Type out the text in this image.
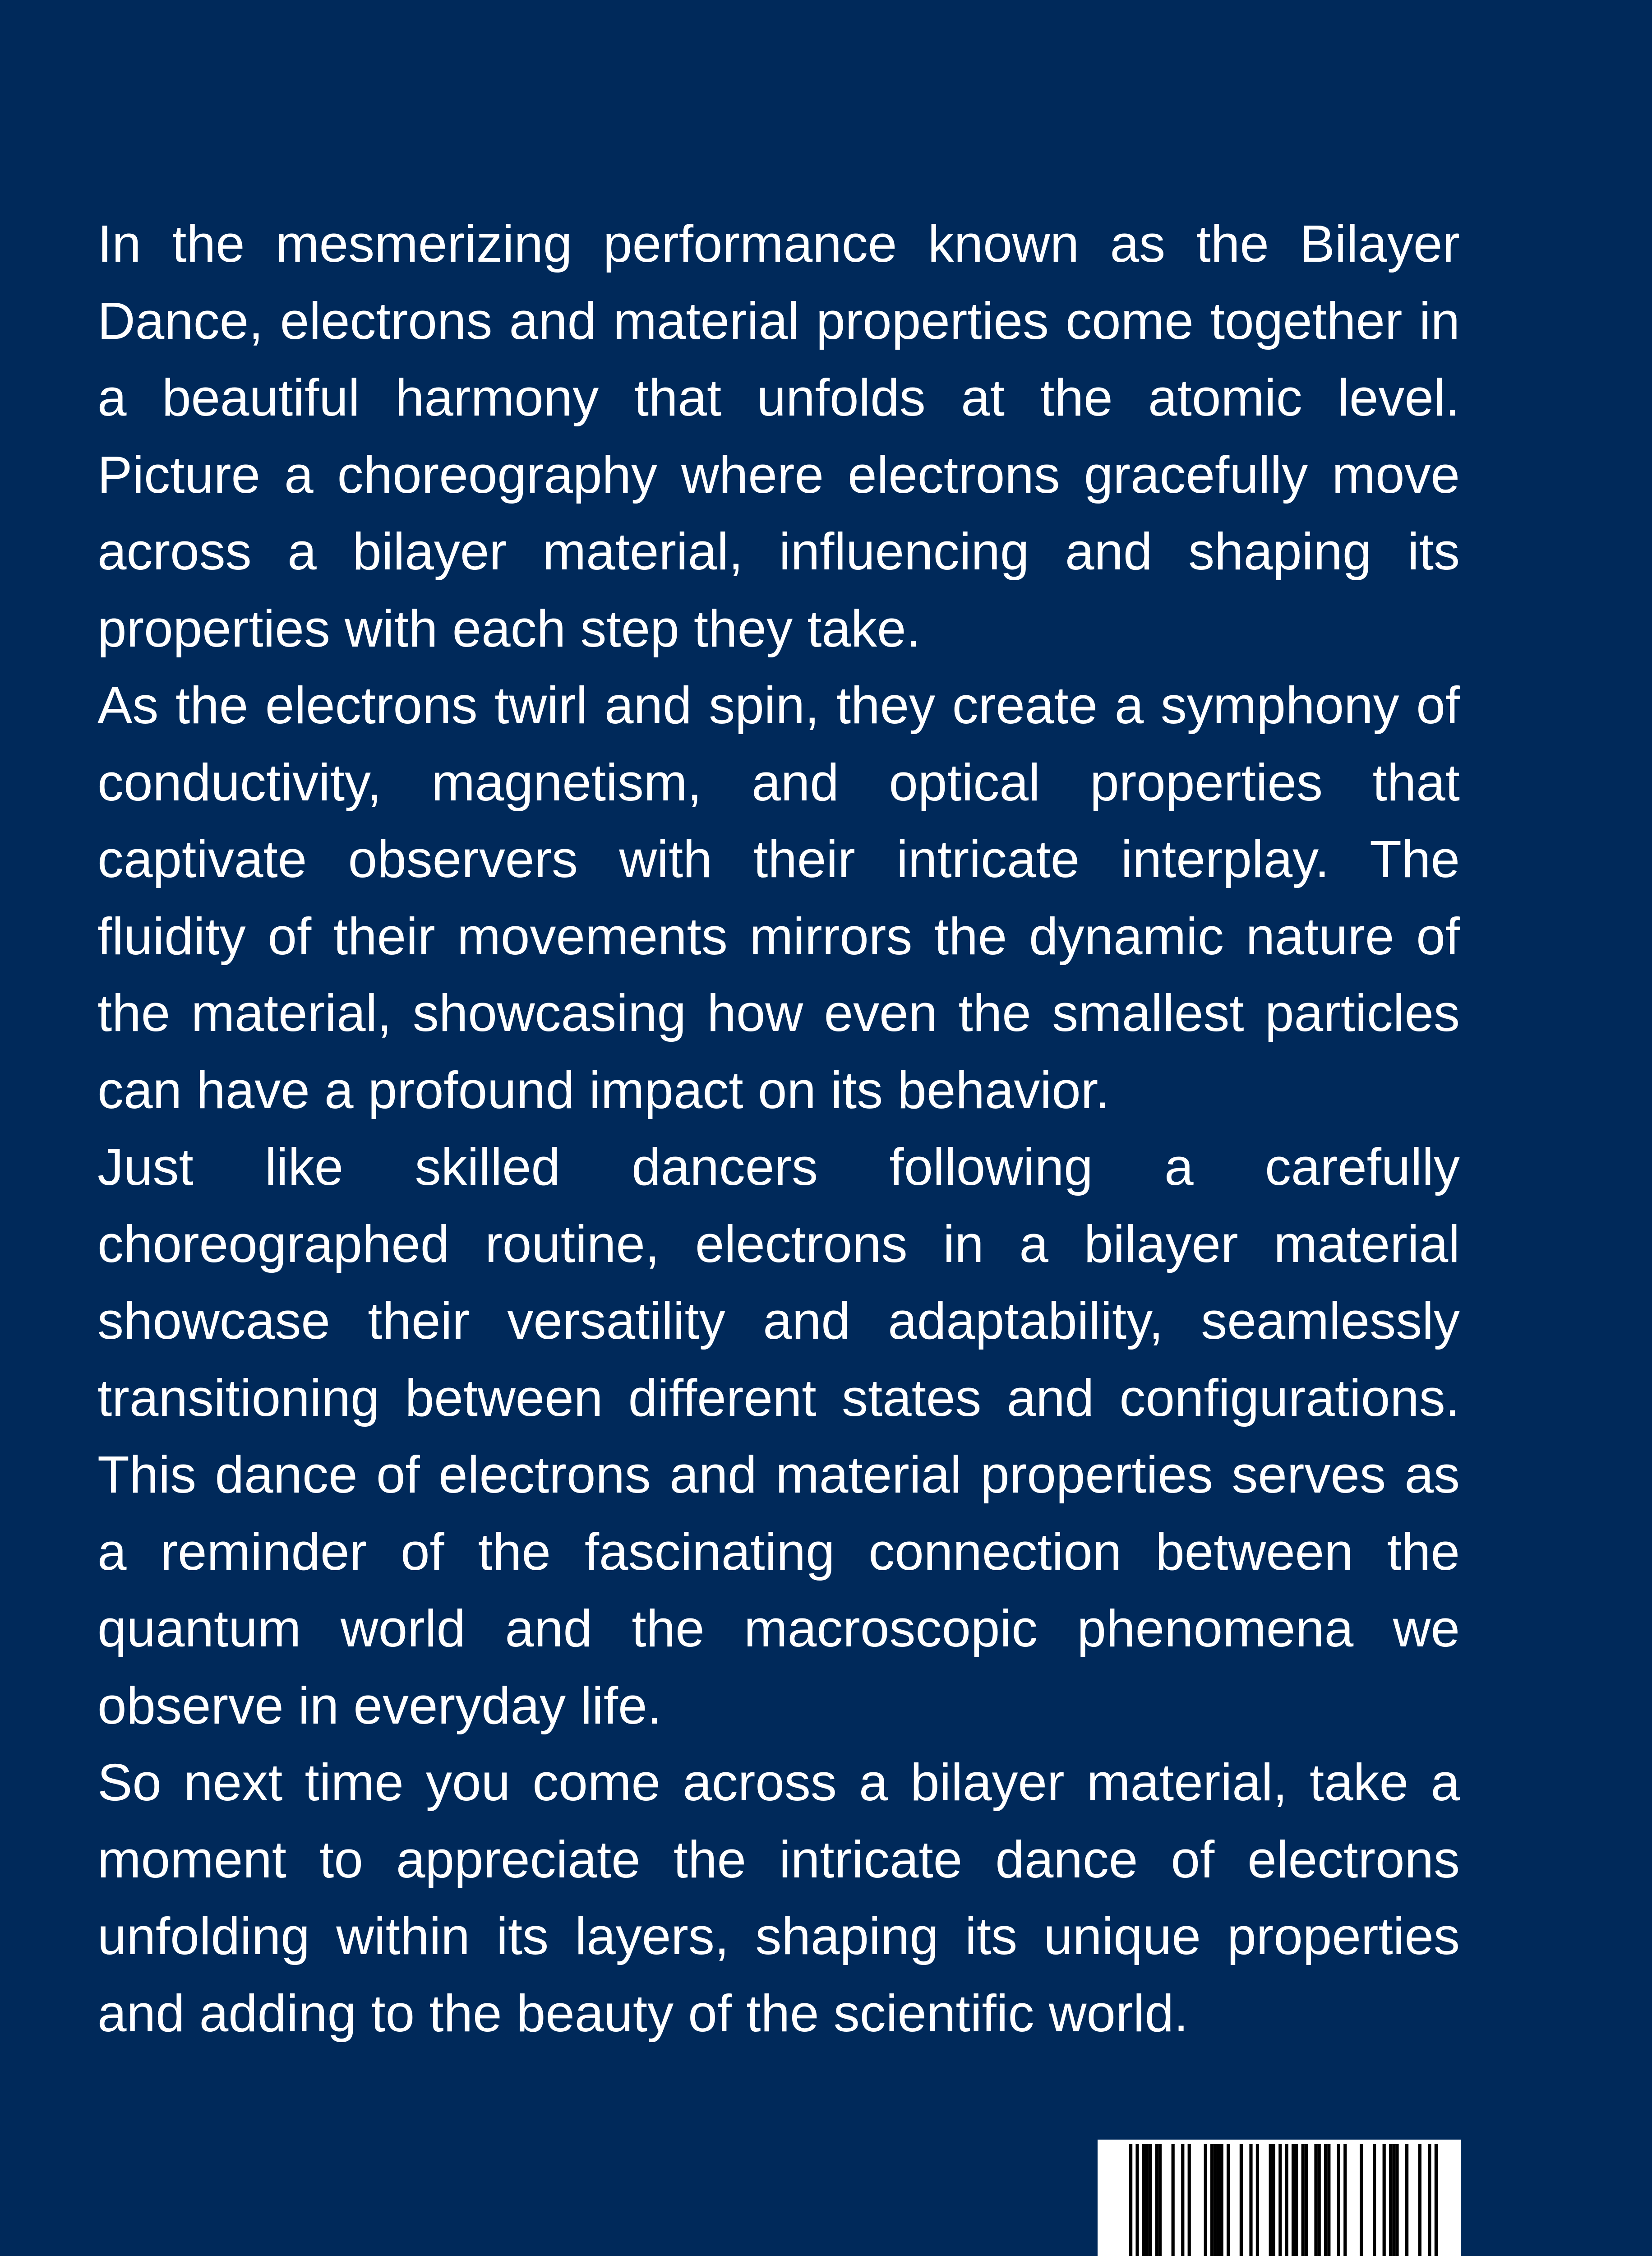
In the mesmerizing performance known as the Bilayer Dance, electrons and material properties come together in a beautiful harmony that unfolds at the atomic level. Picture a choreography where electrons gracefully move across a bilayer material, influencing and shaping its properties with each step they take.

As the electrons twirl and spin, they create a symphony of conductivity, magnetism, and optical properties that captivate observers with their intricate interplay. The fluidity of their movements mirrors the dynamic nature of the material, showcasing how even the smallest particles can have a profound impact on its behavior.

Just like skilled dancers following a carefully choreographed routine, electrons in a bilayer material showcase their versatility and adaptability, seamlessly transitioning between different states and configurations. This dance of electrons and material properties serves as a reminder of the fascinating connection between the quantum world and the macroscopic phenomena we observe in everyday life.

So next time you come across a bilayer material, take a moment to appreciate the intricate dance of electrons unfolding within its layers, shaping its unique properties and adding to the beauty of the scientific world.
